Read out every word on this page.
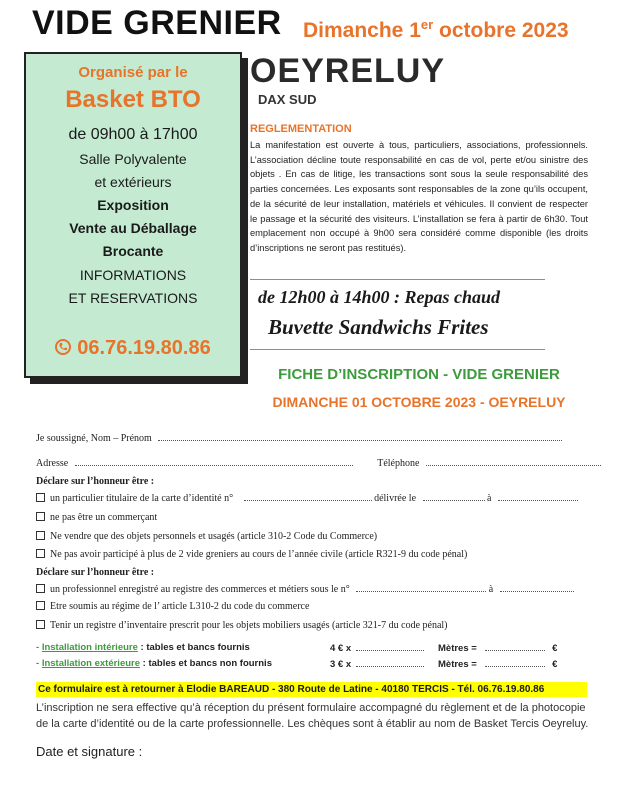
VIDE GRENIER Dimanche 1er octobre 2023
Organisé par le
Basket BTO
de 09h00 à 17h00
Salle Polyvalente
et extérieurs
Exposition
Vente au Déballage
Brocante
INFORMATIONS
ET RESERVATIONS
06.76.19.80.86
OEYRELUY
DAX SUD
REGLEMENTATION
La manifestation est ouverte à tous, particuliers, associations, professionnels. L’association décline toute responsabilité en cas de vol, perte et/ou sinistre des objets . En cas de litige, les transactions sont sous la seule responsabilité des parties concernées. Les exposants sont responsables de la zone qu’ils occupent, de la sécurité de leur installation, matériels et véhicules. Il convient de respecter le passage et la sécurité des visiteurs. L’installation se fera à partir de 6h30. Tout emplacement non occupé à 9h00 sera considéré comme disponible (les droits d’inscriptions ne seront pas restitués).
de 12h00 à 14h00 : Repas chaud
Buvette Sandwichs Frites
FICHE D’INSCRIPTION - VIDE GRENIER
DIMANCHE 01 OCTOBRE 2023 - OEYRELUY
Je soussigné, Nom – Prénom
Adresse	Téléphone
Déclare sur l’honneur être :
un particulier titulaire de la carte d’identité n°	délivrée le	à
ne pas être un commerçant
Ne vendre que des objets personnels et usagés (article 310-2 Code du Commerce)
Ne pas avoir participé à plus de 2 vide greniers au cours de l’année civile (article R321-9 du code pénal)
Déclare sur l’honneur être :
un professionnel enregistré au registre des commerces et métiers sous le n°	à
Etre soumis au régime de l’ article L310-2 du code du commerce
Tenir un registre d’inventaire prescrit pour les objets mobiliers usagés (article 321-7 du code pénal)
- Installation intérieure : tables et bancs fournis	4 € x	Mètres =	€
- Installation extérieure : tables et bancs non fournis	3 € x	Mètres =	€
Ce formulaire est à retourner à Elodie BAREAUD - 380 Route de Latine - 40180 TERCIS - Tél. 06.76.19.80.86
L’inscription ne sera effective qu’à réception du présent formulaire accompagné du règlement et de la photocopie de la carte d’identité ou de la carte professionnelle. Les chèques sont à établir au nom de Basket Tercis Oeyreluy.
Date et signature :
